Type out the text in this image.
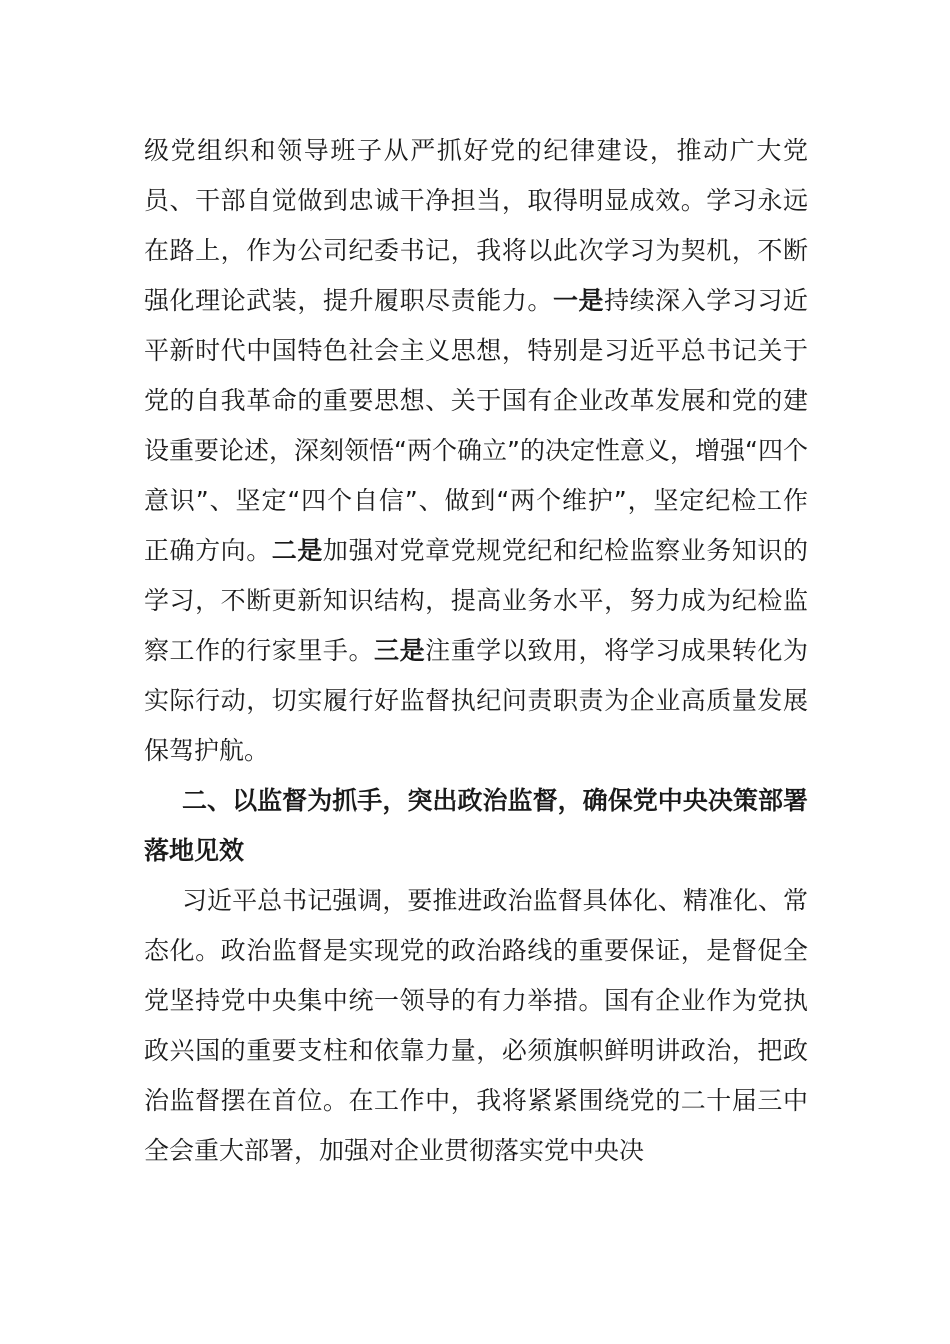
级党组织和领导班子从严抓好党的纪律建设，推动广大党员、干部自觉做到忠诚干净担当，取得明显成效。学习永远在路上，作为公司纪委书记，我将以此次学习为契机，不断强化理论武装，提升履职尽责能力。一是持续深入学习习近平新时代中国特色社会主义思想，特别是习近平总书记关于党的自我革命的重要思想、关于国有企业改革发展和党的建设重要论述，深刻领悟“两个确立”的决定性意义，增强“四个意识”、坚定“四个自信”、做到“两个维护”，坚定纪检工作正确方向。二是加强对党章党规党纪和纪检监察业务知识的学习，不断更新知识结构，提高业务水平，努力成为纪检监察工作的行家里手。三是注重学以致用，将学习成果转化为实际行动，切实履行好监督执纪问责职责为企业高质量发展保驾护航。

二、以监督为抓手，突出政治监督，确保党中央决策部署落地见效

习近平总书记强调，要推进政治监督具体化、精准化、常态化。政治监督是实现党的政治路线的重要保证，是督促全党坚持党中央集中统一领导的有力举措。国有企业作为党执政兴国的重要支柱和依靠力量，必须旗帜鲜明讲政治，把政治监督摆在首位。在工作中，我将紧紧围绕党的二十届三中全会重大部署，加强对企业贯彻落实党中央决
